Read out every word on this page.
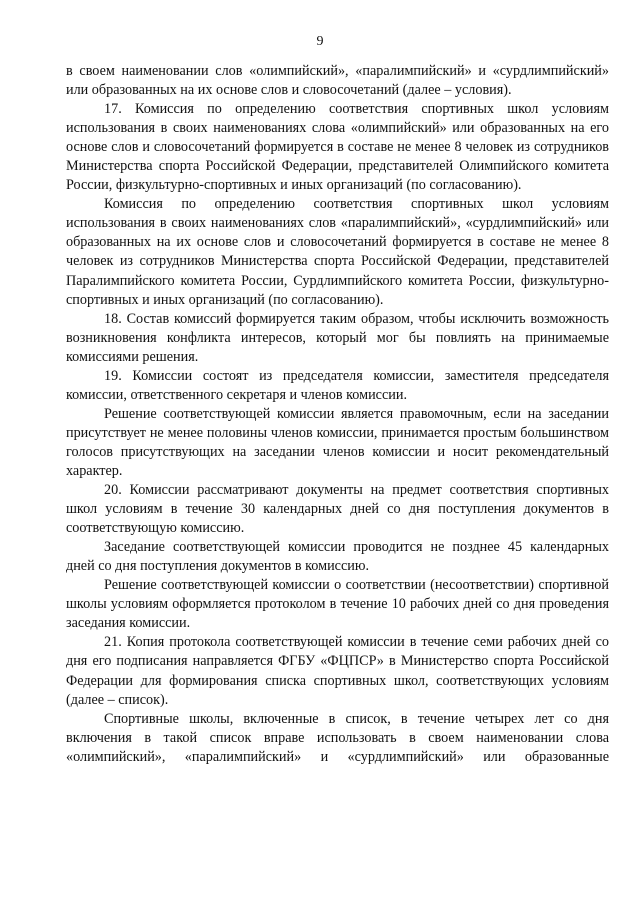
9

в своем наименовании слов «олимпийский», «паралимпийский» и «сурдлимпийский» или образованных на их основе слов и словосочетаний (далее – условия).

17. Комиссия по определению соответствия спортивных школ условиям использования в своих наименованиях слова «олимпийский» или образованных на его основе слов и словосочетаний формируется в составе не менее 8 человек из сотрудников Министерства спорта Российской Федерации, представителей Олимпийского комитета России, физкультурно-спортивных и иных организаций (по согласованию).

Комиссия по определению соответствия спортивных школ условиям использования в своих наименованиях слов «паралимпийский», «сурдлимпийский» или образованных на их основе слов и словосочетаний формируется в составе не менее 8 человек из сотрудников Министерства спорта Российской Федерации, представителей Паралимпийского комитета России, Сурдлимпийского комитета России, физкультурно-спортивных и иных организаций (по согласованию).

18. Состав комиссий формируется таким образом, чтобы исключить возможность возникновения конфликта интересов, который мог бы повлиять на принимаемые комиссиями решения.

19. Комиссии состоят из председателя комиссии, заместителя председателя комиссии, ответственного секретаря и членов комиссии.

Решение соответствующей комиссии является правомочным, если на заседании присутствует не менее половины членов комиссии, принимается простым большинством голосов присутствующих на заседании членов комиссии и носит рекомендательный характер.

20. Комиссии рассматривают документы на предмет соответствия спортивных школ условиям в течение 30 календарных дней со дня поступления документов в соответствующую комиссию.

Заседание соответствующей комиссии проводится не позднее 45 календарных дней со дня поступления документов в комиссию.

Решение соответствующей комиссии о соответствии (несоответствии) спортивной школы условиям оформляется протоколом в течение 10 рабочих дней со дня проведения заседания комиссии.

21. Копия протокола соответствующей комиссии в течение семи рабочих дней со дня его подписания направляется ФГБУ «ФЦПСР» в Министерство спорта Российской Федерации для формирования списка спортивных школ, соответствующих условиям (далее – список).

Спортивные школы, включенные в список, в течение четырех лет со дня включения в такой список вправе использовать в своем наименовании слова «олимпийский», «паралимпийский» и «сурдлимпийский» или образованные
